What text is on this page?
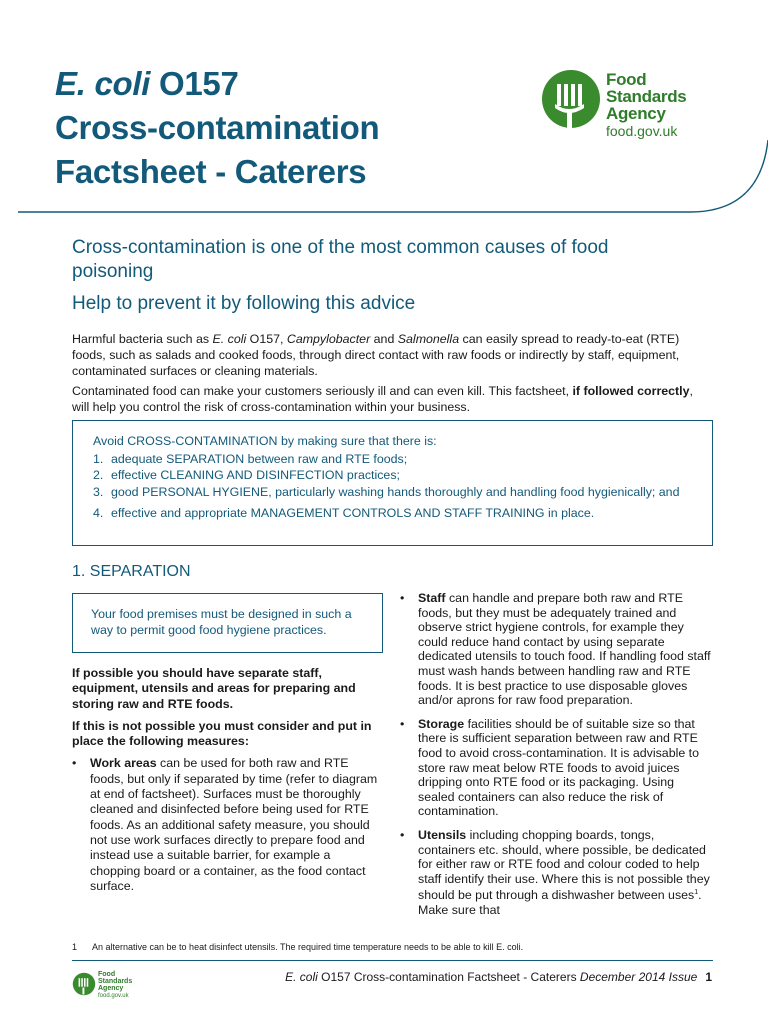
E. coli O157
Cross-contamination
Factsheet - Caterers
Food
Standards
Agency
food.gov.uk

Cross-contamination is one of the most common causes of food poisoning

Help to prevent it by following this advice

Harmful bacteria such as E. coli O157, Campylobacter and Salmonella can easily spread to ready-to-eat (RTE) foods, such as salads and cooked foods, through direct contact with raw foods or indirectly by staff, equipment, contaminated surfaces or cleaning materials.
Contaminated food can make your customers seriously ill and can even kill. This factsheet, if followed correctly, will help you control the risk of cross-contamination within your business.
Avoid CROSS-CONTAMINATION by making sure that there is:
1. adequate SEPARATION between raw and RTE foods;
2. effective CLEANING AND DISINFECTION practices;
3. good PERSONAL HYGIENE, particularly washing hands thoroughly and handling food hygienically; and
4. effective and appropriate MANAGEMENT CONTROLS AND STAFF TRAINING in place.
1. SEPARATION
Your food premises must be designed in such a way to permit good food hygiene practices.
If possible you should have separate staff, equipment, utensils and areas for preparing and storing raw and RTE foods.
If this is not possible you must consider and put in place the following measures:
• Work areas can be used for both raw and RTE foods, but only if separated by time (refer to diagram at end of factsheet). Surfaces must be thoroughly cleaned and disinfected before being used for RTE foods. As an additional safety measure, you should not use work surfaces directly to prepare food and instead use a suitable barrier, for example a chopping board or a container, as the food contact surface.
• Staff can handle and prepare both raw and RTE foods, but they must be adequately trained and observe strict hygiene controls, for example they could reduce hand contact by using separate dedicated utensils to touch food. If handling food staff must wash hands between handling raw and RTE foods. It is best practice to use disposable gloves and/or aprons for raw food preparation.
• Storage facilities should be of suitable size so that there is sufficient separation between raw and RTE food to avoid cross-contamination. It is advisable to store raw meat below RTE foods to avoid juices dripping onto RTE food or its packaging. Using sealed containers can also reduce the risk of contamination.
• Utensils including chopping boards, tongs, containers etc. should, where possible, be dedicated for either raw or RTE food and colour coded to help staff identify their use. Where this is not possible they should be put through a dishwasher between uses$^1$. Make sure that
1 An alternative can be to heat disinfect utensils. The required time temperature needs to be able to kill E. coli.
Food
Standards
Agency
food.gov.uk
E. coli O157 Cross-contamination Factsheet - Caterers December 2014 Issue 1
